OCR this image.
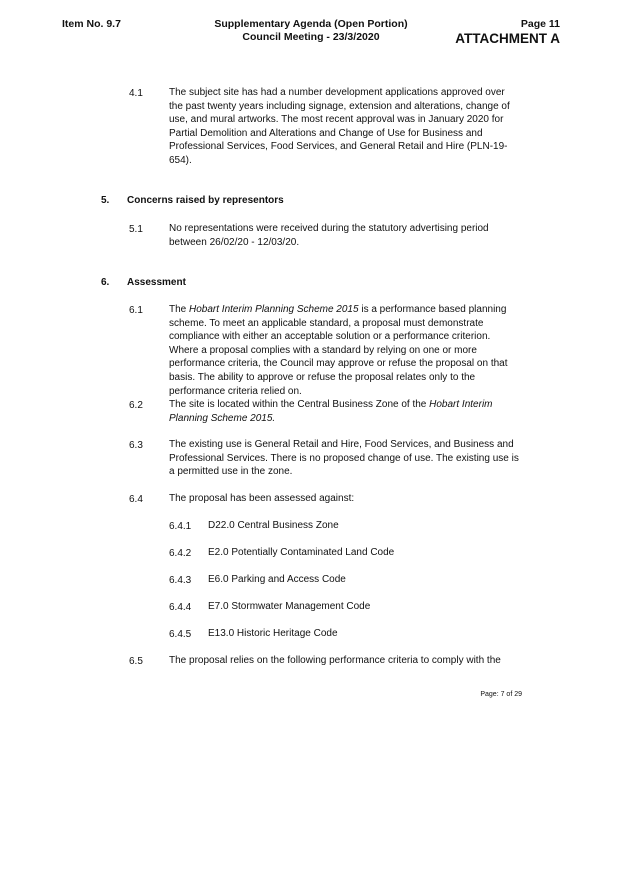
Item No. 9.7	Supplementary Agenda (Open Portion)
Council Meeting - 23/3/2020
Page 11
ATTACHMENT A
4.1	The subject site has had a number development applications approved over the past twenty years including signage, extension and alterations, change of use, and mural artworks. The most recent approval was in January 2020 for Partial Demolition and Alterations and Change of Use for Business and Professional Services, Food Services, and General Retail and Hire (PLN-19-654).
5. Concerns raised by representors
5.1	No representations were received during the statutory advertising period between 26/02/20 - 12/03/20.
6. Assessment
6.1	The Hobart Interim Planning Scheme 2015 is a performance based planning scheme. To meet an applicable standard, a proposal must demonstrate compliance with either an acceptable solution or a performance criterion. Where a proposal complies with a standard by relying on one or more performance criteria, the Council may approve or refuse the proposal on that basis. The ability to approve or refuse the proposal relates only to the performance criteria relied on.
6.2	The site is located within the Central Business Zone of the Hobart Interim Planning Scheme 2015.
6.3	The existing use is General Retail and Hire, Food Services, and Business and Professional Services. There is no proposed change of use. The existing use is a permitted use in the zone.
6.4	The proposal has been assessed against:
6.4.1 D22.0 Central Business Zone
6.4.2 E2.0 Potentially Contaminated Land Code
6.4.3 E6.0 Parking and Access Code
6.4.4 E7.0 Stormwater Management Code
6.4.5 E13.0 Historic Heritage Code
6.5	The proposal relies on the following performance criteria to comply with the
Page: 7 of 29
